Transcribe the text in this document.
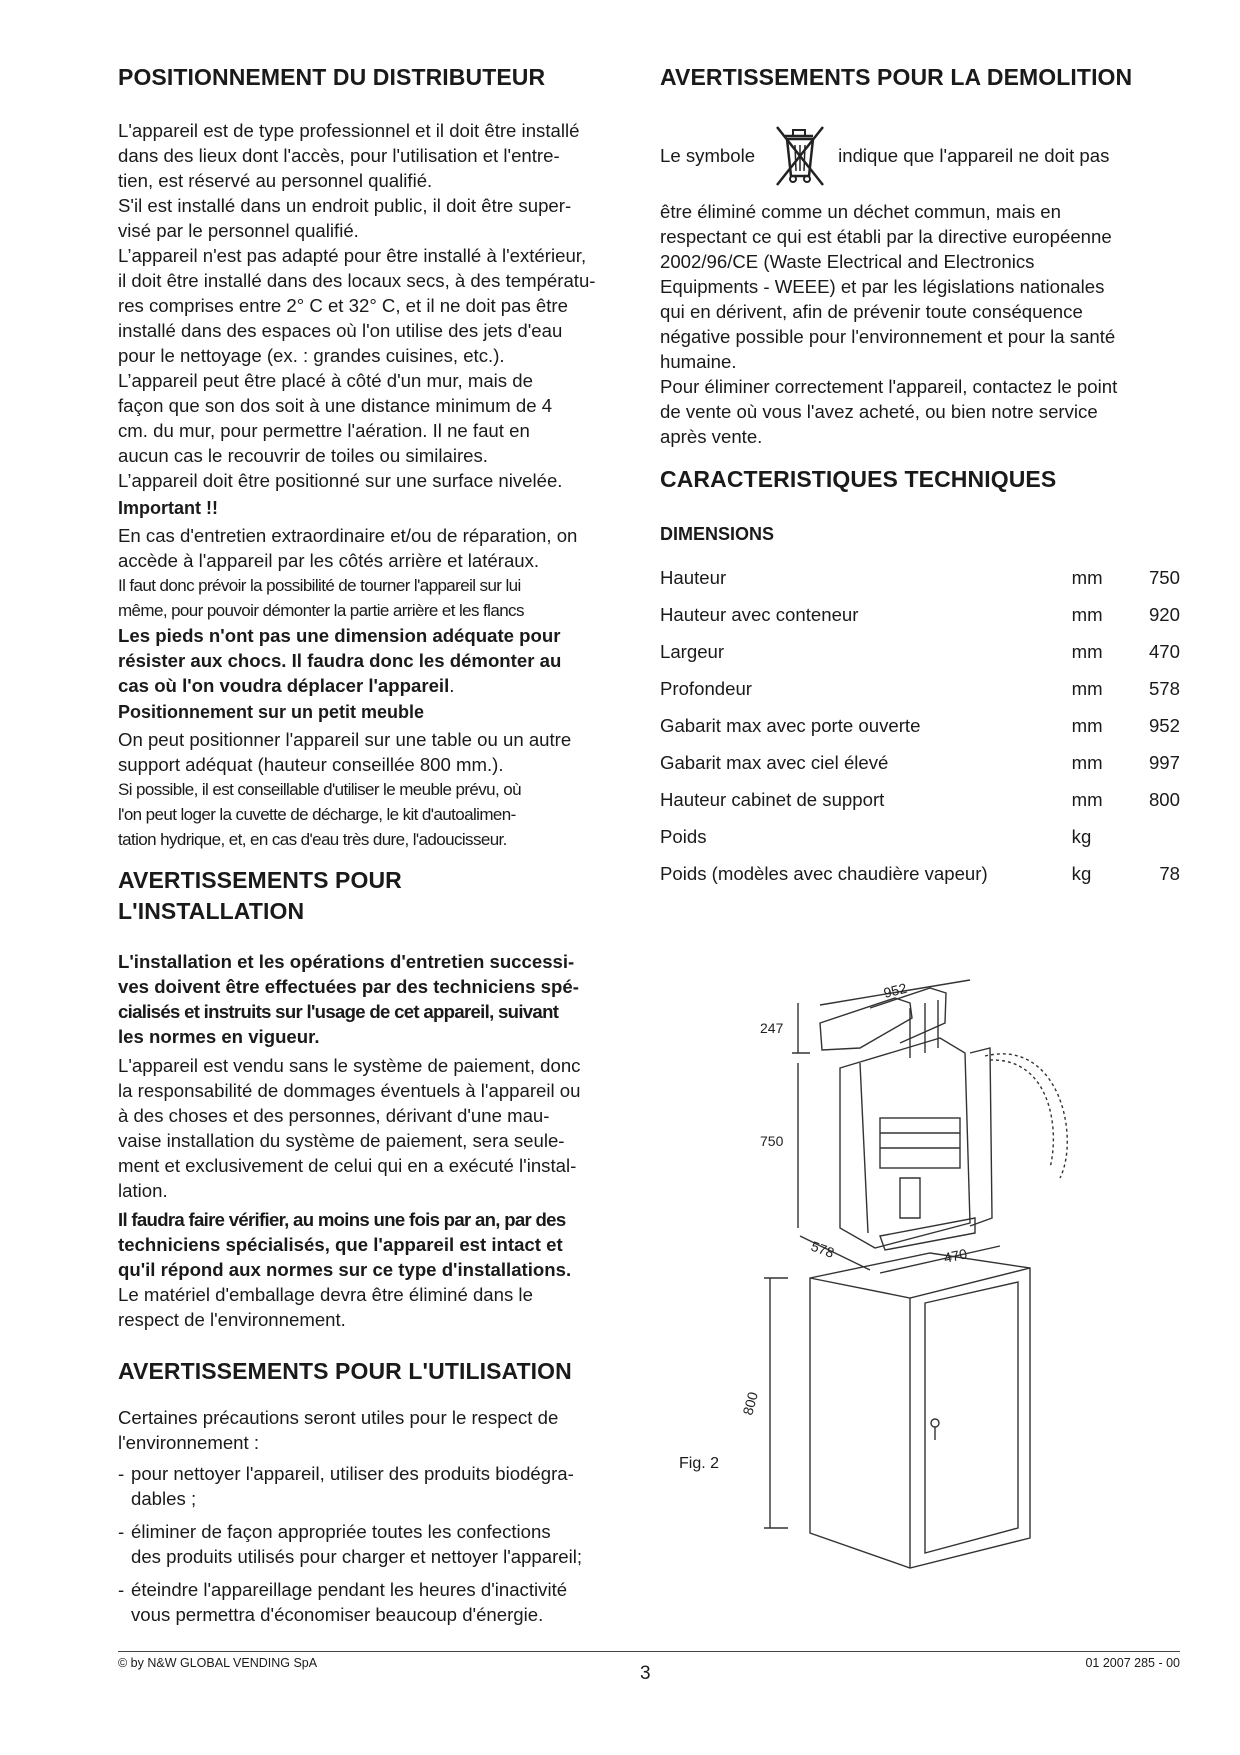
POSITIONNEMENT DU DISTRIBUTEUR

L'appareil est de type professionnel et il doit être installé
dans des lieux dont l'accès, pour l'utilisation et l'entre-
tien, est réservé au personnel qualifié.
S'il est installé dans un endroit public, il doit être super-
visé par le personnel qualifié.
L’appareil n'est pas adapté pour être installé à l'extérieur,
il doit être installé dans des locaux secs, à des températu-
res comprises entre 2° C et 32° C, et il ne doit pas être
installé dans des espaces où l'on utilise des jets d'eau
pour le nettoyage (ex. : grandes cuisines, etc.).
L’appareil peut être placé à côté d'un mur, mais de
façon que son dos soit à une distance minimum de 4
cm. du mur, pour permettre l'aération. Il ne faut en
aucun cas le recouvrir de toiles ou similaires.
L’appareil doit être positionné sur une surface nivelée.

Important !!

En cas d'entretien extraordinaire et/ou de réparation, on
accède à l'appareil par les côtés arrière et latéraux.

Il faut donc prévoir la possibilité de tourner l'appareil sur lui
même, pour pouvoir démonter la partie arrière et les flancs

Les pieds n'ont pas une dimension adéquate pour
résister aux chocs. Il faudra donc les démonter au
cas où l'on voudra déplacer l'appareil.

Positionnement sur un petit meuble

On peut positionner l'appareil sur une table ou un autre
support adéquat (hauteur conseillée 800 mm.).

Si possible, il est conseillable d'utiliser le meuble prévu, où
l'on peut loger la cuvette de décharge, le kit d'autoalimen-
tation hydrique, et, en cas d'eau très dure, l'adoucisseur.

AVERTISSEMENTS POUR
L'INSTALLATION

L'installation et les opérations d'entretien successi-
ves doivent être effectuées par des techniciens spé-
cialisés et instruits sur l'usage de cet appareil, suivant
les normes en vigueur.

L'appareil est vendu sans le système de paiement, donc
la responsabilité de dommages éventuels à l'appareil ou
à des choses et des personnes, dérivant d'une mau-
vaise installation du système de paiement, sera seule-
ment et exclusivement de celui qui en a exécuté l'instal-
lation.

Il faudra faire vérifier, au moins une fois par an, par des
techniciens spécialisés, que l'appareil est intact et
qu'il répond aux normes sur ce type d'installations.

Le matériel d'emballage devra être éliminé dans le
respect de l'environnement.

AVERTISSEMENTS POUR L'UTILISATION

Certaines précautions seront utiles pour le respect de
l'environnement :

- pour nettoyer l'appareil, utiliser des produits biodégra-
dables ;
- éliminer de façon appropriée toutes les confections
des produits utilisés pour charger et nettoyer l'appareil;
- éteindre l'appareillage pendant les heures d'inactivité
vous permettra d'économiser beaucoup d'énergie.
AVERTISSEMENTS POUR LA DEMOLITION
Le symbole	indique que l'appareil ne doit pas

être éliminé comme un déchet commun, mais en
respectant ce qui est établi par la directive européenne
2002/96/CE (Waste Electrical and Electronics
Equipments - WEEE) et par les législations nationales
qui en dérivent, afin de prévenir toute conséquence
négative possible pour l'environnement et pour la santé
humaine.
Pour éliminer correctement l'appareil, contactez le point
de vente où vous l'avez acheté, ou bien notre service
après vente.

CARACTERISTIQUES TECHNIQUES

DIMENSIONS

Hauteur	mm	750
Hauteur avec conteneur	mm	920
Largeur	mm	470
Profondeur	mm	578
Gabarit max avec porte ouverte	mm	952
Gabarit max avec ciel élevé	mm	997
Hauteur cabinet de support	mm	800
Poids	kg	
Poids (modèles avec chaudière vapeur)	kg	78
Fig. 2
952
247
750
578	470
800
© by N&W GLOBAL VENDING SpA	3	01 2007 285 - 00
